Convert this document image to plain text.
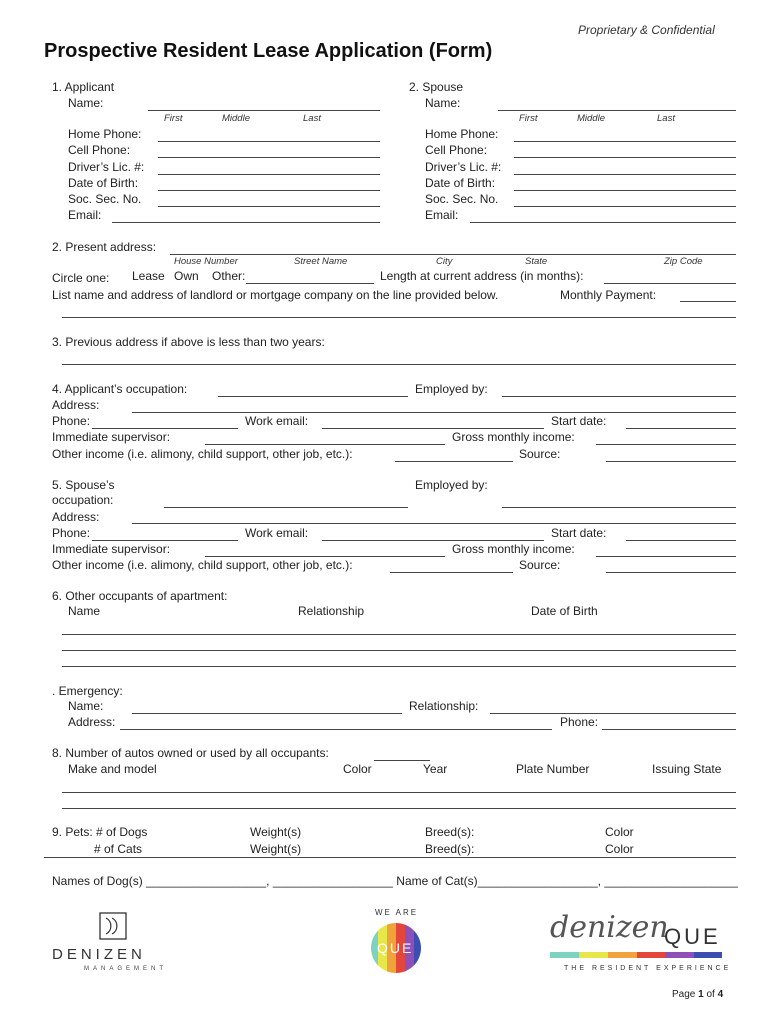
Proprietary & Confidential
Prospective Resident Lease Application (Form)
1. Applicant
Name:
First	Middle	Last
Home Phone:
Cell Phone:
Driver’s Lic. #:
Date of Birth:
Soc. Sec. No.
Email:
2. Spouse
Name:
First	Middle	Last
Home Phone:
Cell Phone:
Driver’s Lic. #:
Date of Birth:
Soc. Sec. No.
Email:
2. Present address:
House Number	Street Name	City	State	Zip Code
Circle one: Lease Own Other:	Length at current address (in months):
List name and address of landlord or mortgage company on the line provided below.	Monthly Payment:
3. Previous address if above is less than two years:
4. Applicant’s occupation:	Employed by:
Address:
Phone:	Work email:	Start date:
Immediate supervisor:	Gross monthly income:
Other income (i.e. alimony, child support, other job, etc.):	Source:
5. Spouse’s
occupation:
Employed by:
Address:
Phone:	Work email:	Start date:
Immediate supervisor:	Gross monthly income:
Other income (i.e. alimony, child support, other job, etc.):	Source:
6. Other occupants of apartment:
Name	Relationship	Date of Birth
. Emergency:
Name:	Relationship:
Address:	Phone:
8. Number of autos owned or used by all occupants:
Make and model	Color	Year	Plate Number	Issuing State
9. Pets: # of Dogs	Weight(s)	Breed(s):	Color
# of Cats	Weight(s)	Breed(s):	Color
Names of Dog(s) __________________, __________________ Name of Cat(s)__________________, ____________________
DENIZEN
MANAGEMENT
WE ARE
QUE
denizen
QUE
THE RESIDENT EXPERIENCE
Page 1 of 4
